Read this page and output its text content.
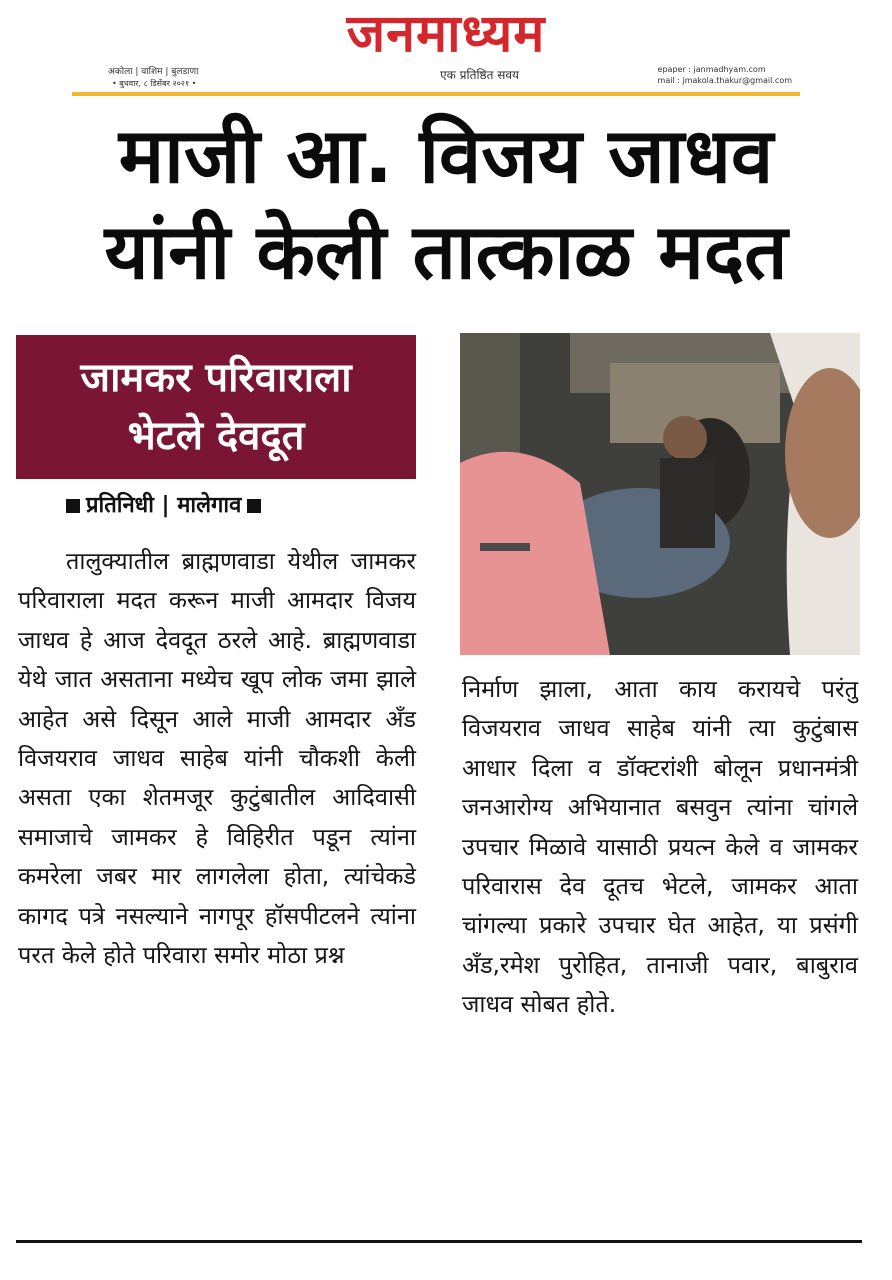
जनमाध्यम
अकोला | वाशिम | बुलडाणा
• बुधवार, ८ डिसेंबर २०२१ •
एक प्रतिष्ठित सवय	epaper : janmadhyam.com
mail : jmakola.thakur@gmail.com
माजी आ. विजय जाधव
यांनी केली तात्काळ मदत
जामकर परिवाराला
भेटले देवदूत
प्रतिनिधी | मालेगाव
तालुक्यातील ब्राह्मणवाडा येथील जामकर परिवाराला मदत करून माजी आमदार विजय जाधव हे आज देवदूत ठरले आहे. ब्राह्मणवाडा येथे जात असताना मध्येच खूप लोक जमा झाले आहेत असे दिसून आले माजी आमदार अँड विजयराव जाधव साहेब यांनी चौकशी केली असता एका शेतमजूर कुटुंबातील आदिवासी समाजाचे जामकर हे विहिरीत पडून त्यांना कमरेला जबर मार लागलेला होता, त्यांचेकडे कागद पत्रे नसल्याने नागपूर हॉसपीटलने त्यांना परत केले होते परिवारा समोर मोठा प्रश्न
निर्माण झाला, आता काय करायचे परंतु विजयराव जाधव साहेब यांनी त्या कुटुंबास आधार दिला व डॉक्टरांशी बोलून प्रधानमंत्री जनआरोग्य अभियानात बसवुन त्यांना चांगले उपचार मिळावे यासाठी प्रयत्न केले व जामकर परिवारास देव दूतच भेटले, जामकर आता चांगल्या प्रकारे उपचार घेत आहेत, या प्रसंगी अँड,रमेश पुरोहित, तानाजी पवार, बाबुराव जाधव सोबत होते.
